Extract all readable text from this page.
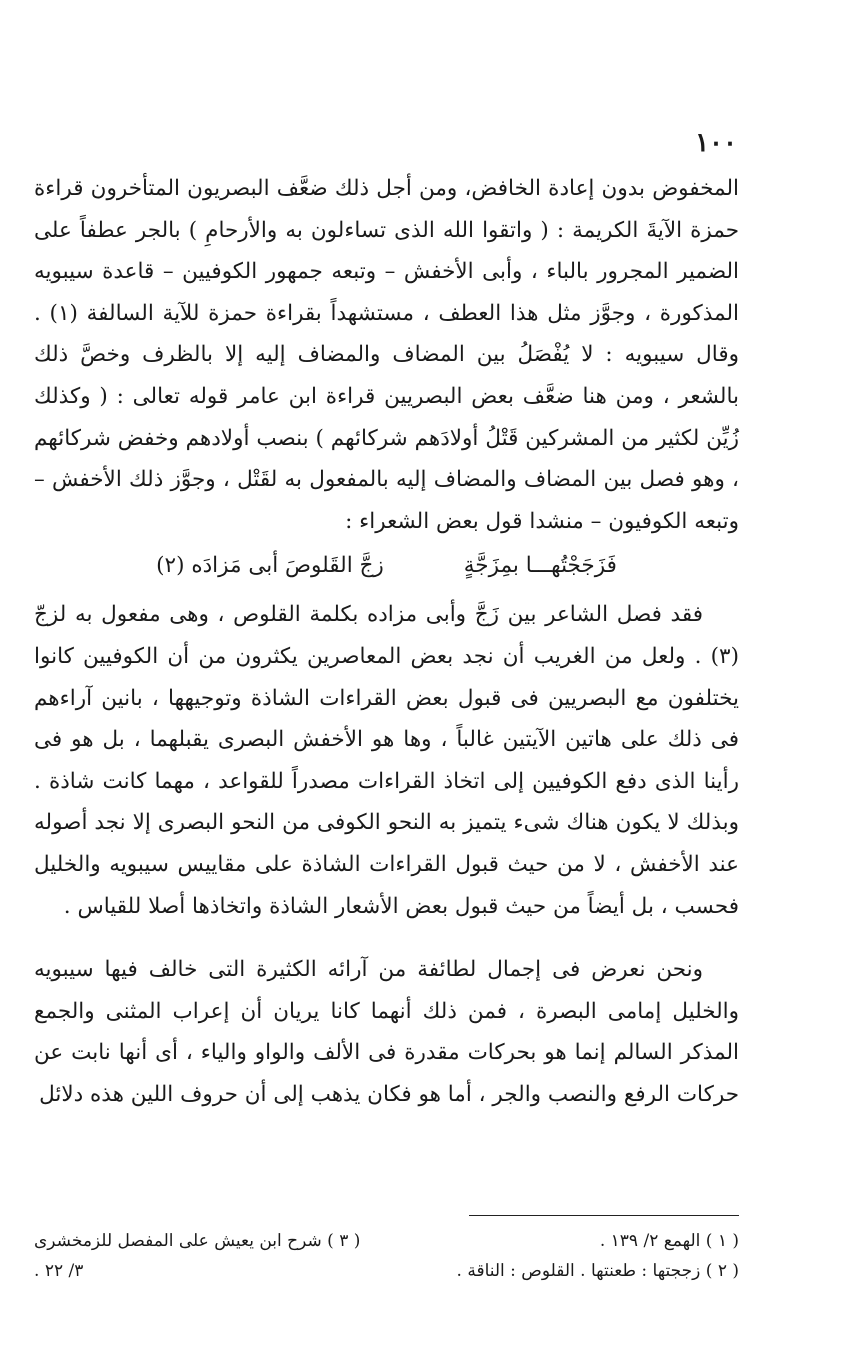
١٠٠

المخفوض بدون إعادة الخافض، ومن أجل ذلك ضعَّف البصريون المتأخرون قراءة حمزة الآيةَ الكريمة : ( واتقوا الله الذى تساءلون به والأرحامِ ) بالجر عطفاً على الضمير المجرور بالباء ، وأبى الأخفش – وتبعه جمهور الكوفيين – قاعدة سيبويه المذكورة ، وجوَّز مثل هذا العطف ، مستشهداً بقراءة حمزة للآية السالفة (١) . وقال سيبويه : لا يُفْصَلُ بين المضاف والمضاف إليه إلا بالظرف وخصَّ ذلك بالشعر ، ومن هنا ضعَّف بعض البصريين قراءة ابن عامر قوله تعالى : ( وكذلك زُيِّن لكثير من المشركين قَتْلُ أولادَهم شركائهم ) بنصب أولادهم وخفض شركائهم ، وهو فصل بين المضاف والمضاف إليه بالمفعول به لقَتْل ، وجوَّز ذلك الأخفش – وتبعه الكوفيون – منشدا قول بعض الشعراء :

فَزَجَجْتُهـــا بمِزَجَّةٍ
زجَّ القَلوصَ أبى مَزادَه (٢)

فقد فصل الشاعر بين زَجَّ وأبى مزاده بكلمة القلوص ، وهى مفعول به لزجّ (٣) . ولعل من الغريب أن نجد بعض المعاصرين يكثرون من أن الكوفيين كانوا يختلفون مع البصريين فى قبول بعض القراءات الشاذة وتوجيهها ، بانين آراءهم فى ذلك على هاتين الآيتين غالباً ، وها هو الأخفش البصرى يقبلهما ، بل هو فى رأينا الذى دفع الكوفيين إلى اتخاذ القراءات مصدراً للقواعد ، مهما كانت شاذة . وبذلك لا يكون هناك شىء يتميز به النحو الكوفى من النحو البصرى إلا نجد أصوله عند الأخفش ، لا من حيث قبول القراءات الشاذة على مقاييس سيبويه والخليل فحسب ، بل أيضاً من حيث قبول بعض الأشعار الشاذة واتخاذها أصلا للقياس .

ونحن نعرض فى إجمال لطائفة من آرائه الكثيرة التى خالف فيها سيبويه والخليل إمامى البصرة ، فمن ذلك أنهما كانا يريان أن إعراب المثنى والجمع المذكر السالم إنما هو بحركات مقدرة فى الألف والواو والياء ، أى أنها نابت عن حركات الرفع والنصب والجر ، أما هو فكان يذهب إلى أن حروف اللين هذه دلائل

( ١ ) الهمع ٢/ ١٣٩ .
( ٣ ) شرح ابن يعيش على المفصل للزمخشرى
( ٢ ) زججتها : طعنتها . القلوص : الناقة .
٣/ ٢٢ .
